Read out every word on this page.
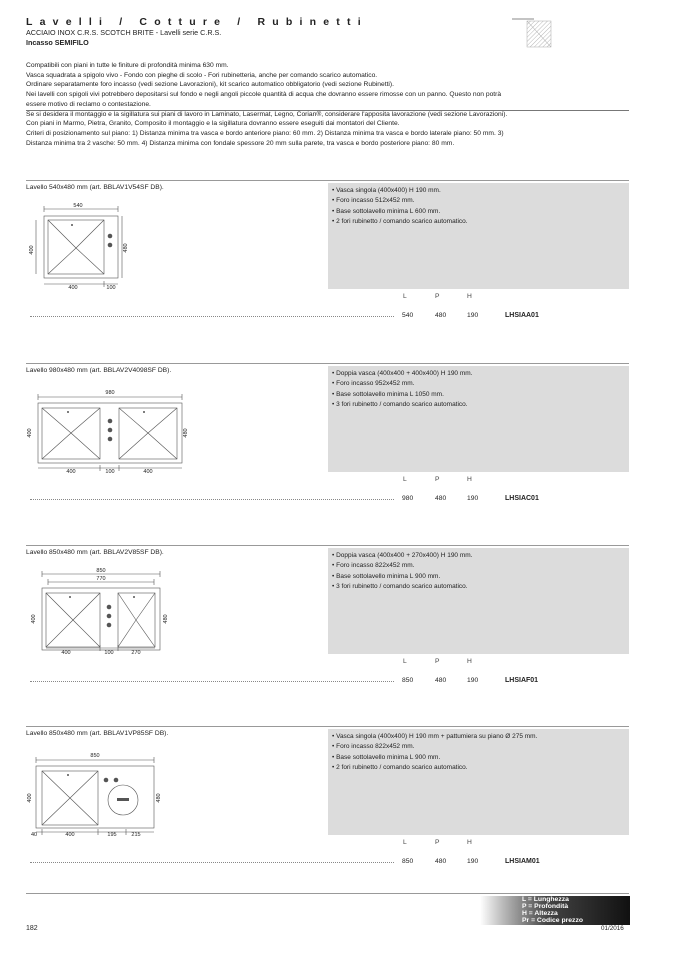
Lavelli / Cotture / Rubinetti
ACCIAIO INOX C.R.S. SCOTCH BRITE - Lavelli serie C.R.S.
Incasso SEMIFILO

Compatibili con piani in tutte le finiture di profondità minima 630 mm.

Vasca squadrata a spigolo vivo - Fondo con pieghe di scolo - Fori rubinetteria, anche per comando scarico automatico.

Ordinare separatamente foro incasso (vedi sezione Lavorazioni), kit scarico automatico obbligatorio (vedi sezione Rubinetti).

Nei lavelli con spigoli vivi potrebbero depositarsi sul fondo e negli angoli piccole quantità di acqua che dovranno essere rimosse con un panno. Questo non potrà

essere motivo di reclamo o contestazione.

Se si desidera il montaggio e la sigillatura sui piani di lavoro in Laminato, Lasermat, Legno, Corian®, considerare l'apposita lavorazione (vedi sezione Lavorazioni).

Con piani in Marmo, Pietra, Granito, Composito il montaggio e la sigillatura dovranno essere eseguiti dai montatori del Cliente.

Criteri di posizionamento sul piano: 1) Distanza minima tra vasca e bordo anteriore piano: 60 mm. 2) Distanza minima tra vasca e bordo laterale piano: 50 mm. 3)

Distanza minima tra 2 vasche: 50 mm. 4) Distanza minima con fondale spessore 20 mm sulla parete, tra vasca e bordo posteriore piano: 80 mm.

Lavello 540x480 mm (art. BBLAV1V54SF DB).
540
400	480
400	100
• Vasca singola (400x400) H 190 mm.
• Foro incasso 512x452 mm.
• Base sottolavello minima L 600 mm.
• 2 fori rubinetto / comando scarico automatico.
L	P	H
540	480	190	LHSIAA01
Lavello 980x480 mm (art. BBLAV2V4098SF DB).
980
400	480
400	100	400
• Doppia vasca (400x400 + 400x400) H 190 mm.
• Foro incasso 952x452 mm.
• Base sottolavello minima L 1050 mm.
• 3 fori rubinetto / comando scarico automatico.
L	P	H
980	480	190	LHSIAC01
Lavello 850x480 mm (art. BBLAV2V85SF DB).
850
770
400	480
400	100	270
• Doppia vasca (400x400 + 270x400) H 190 mm.
• Foro incasso 822x452 mm.
• Base sottolavello minima L 900 mm.
• 3 fori rubinetto / comando scarico automatico.
L	P	H
850	480	190	LHSIAF01
Lavello 850x480 mm (art. BBLAV1VP85SF DB).
850
400	480
40	400	195	215
• Vasca singola (400x400) H 190 mm + pattumiera su piano Ø 275 mm.
• Foro incasso 822x452 mm.
• Base sottolavello minima L 900 mm.
• 2 fori rubinetto / comando scarico automatico.
L	P	H
850	480	190	LHSIAM01
L = Lunghezza
P = Profondità
H = Altezza
Pr = Codice prezzo
182	01/2016
